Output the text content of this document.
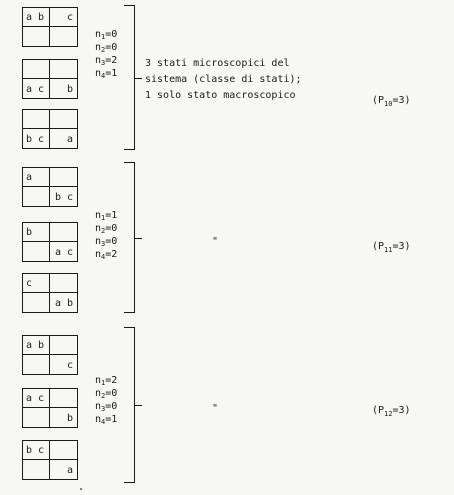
a b c
a c b
b c a
$n_1=0$
$n_2=0$
$n_3=2$
$n_4=1$
3 stati microscopici del
sistema (classe di stati);
1 solo stato macroscopico	$(P_{10}=3)$
a
b c
b
a c
c
a b
$n_1=1$
$n_2=0$
$n_3=0$
$n_4=2$
"	$(P_{11}=3)$
a b
c
a c
b
b c
a
$n_1=2$
$n_2=0$
$n_3=0$
$n_4=1$
"	$(P_{12}=3)$
